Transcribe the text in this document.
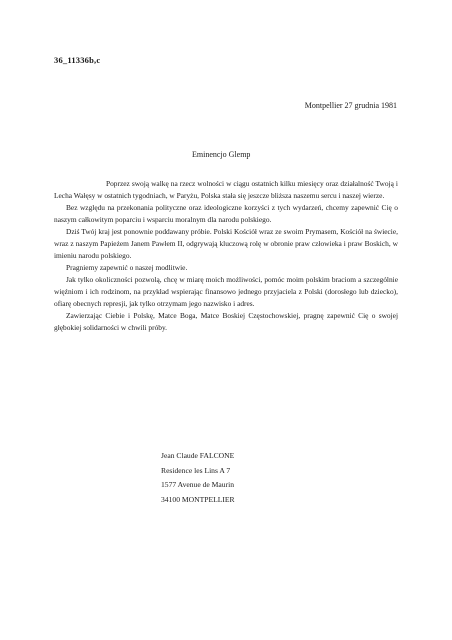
36_11336b,c
Montpellier 27 grudnia 1981
Eminencjo Glemp

Poprzez swoją walkę na rzecz wolności w ciągu ostatnich kilku miesięcy oraz działalność Twoją i Lecha Wałęsy w ostatnich tygodniach, w Paryżu, Polska stała się jeszcze bliższa naszemu sercu i naszej wierze.

Bez względu na przekonania polityczne oraz ideologiczne korzyści z tych wydarzeń, chcemy zapewnić Cię o naszym całkowitym poparciu i wsparciu moralnym dla narodu polskiego.

Dziś Twój kraj jest ponownie poddawany próbie. Polski Kościół wraz ze swoim Prymasem, Kościół na świecie, wraz z naszym Papieżem Janem Pawłem II, odgrywają kluczową rolę w obronie praw człowieka i praw Boskich, w imieniu narodu polskiego.

Pragniemy zapewnić o naszej modlitwie.

Jak tylko okoliczności pozwolą, chcę w miarę moich możliwości, pomóc moim polskim braciom a szczególnie więźniom i ich rodzinom, na przykład wspierając finansowo jednego przyjaciela z Polski (dorosłego lub dziecko), ofiarę obecnych represji, jak tylko otrzymam jego nazwisko i adres.

Zawierzając Ciebie i Polskę, Matce Boga, Matce Boskiej Częstochowskiej, pragnę zapewnić Cię o swojej głębokiej solidarności w chwili próby.

Jean Claude FALCONE
Residence les Lins A 7
1577 Avenue de Maurin
34100 MONTPELLIER
